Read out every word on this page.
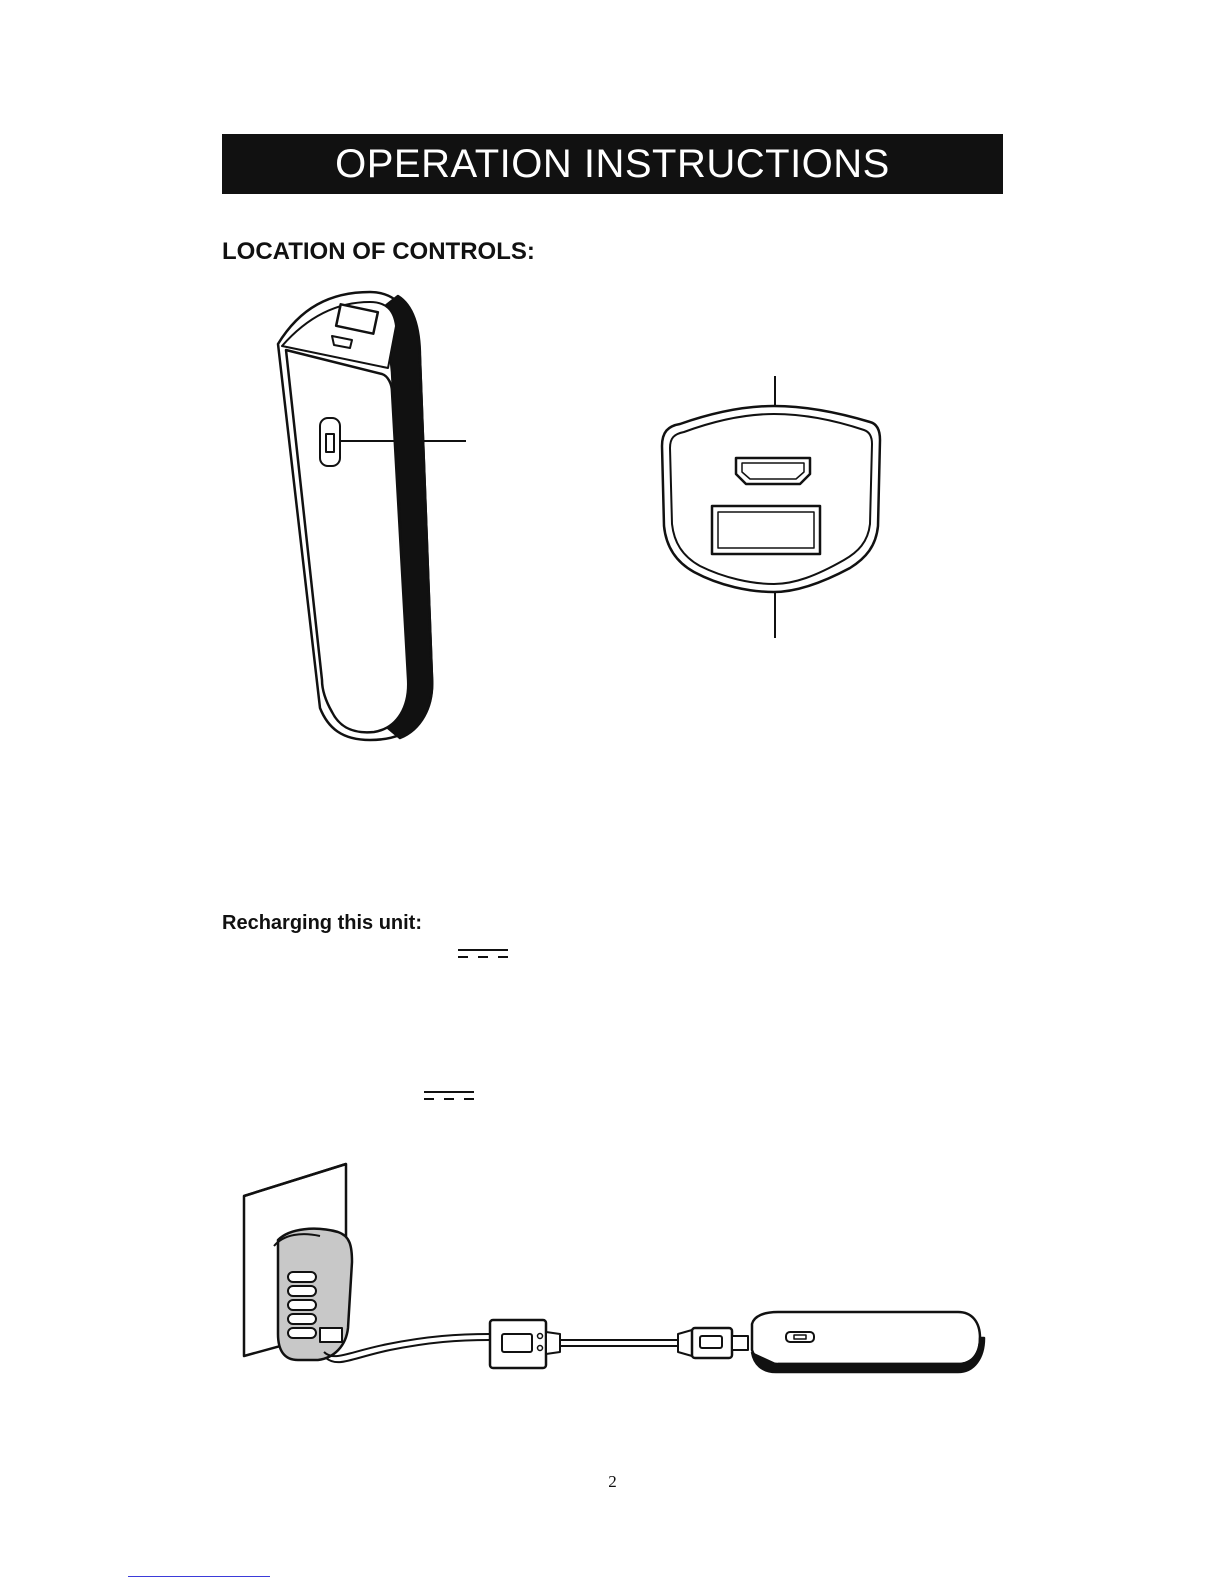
OPERATION INSTRUCTIONS
LOCATION OF CONTROLS:
Recharging this unit:
2
